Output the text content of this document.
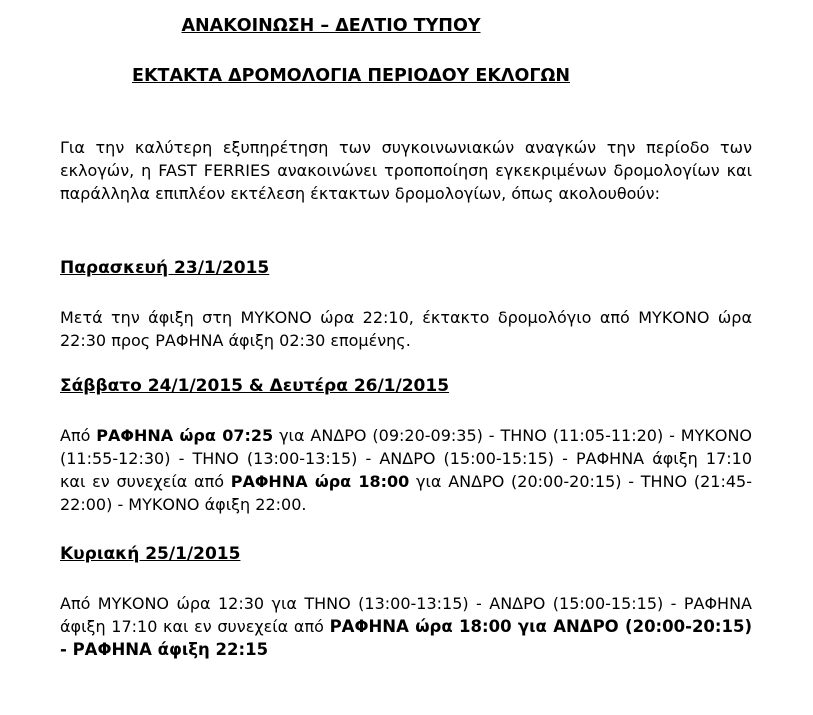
ΑΝΑΚΟΙΝΩΣΗ – ΔΕΛΤΙΟ ΤΥΠΟΥ
ΕΚΤΑΚΤΑ ΔΡΟΜΟΛΟΓΙΑ ΠΕΡΙΟΔΟΥ ΕΚΛΟΓΩΝ
Για την καλύτερη εξυπηρέτηση των συγκοινωνιακών αναγκών την περίοδο των εκλογών, η FAST FERRIES ανακοινώνει τροποποίηση εγκεκριμένων δρομολογίων και παράλληλα επιπλέον εκτέλεση έκτακτων δρομολογίων, όπως ακολουθούν:
Παρασκευή 23/1/2015
Μετά την άφιξη στη ΜΥΚΟΝΟ ώρα 22:10, έκτακτο δρομολόγιο από ΜΥΚΟΝΟ ώρα 22:30 προς ΡΑΦΗΝΑ άφιξη 02:30 επομένης.
Σάββατο 24/1/2015 & Δευτέρα 26/1/2015
Από ΡΑΦΗΝΑ ώρα 07:25 για ΑΝΔΡΟ (09:20-09:35) - ΤΗΝΟ (11:05-11:20) - ΜΥΚΟΝΟ (11:55-12:30) - ΤΗΝΟ (13:00-13:15) - ΑΝΔΡΟ (15:00-15:15) - ΡΑΦΗΝΑ άφιξη 17:10 και εν συνεχεία από ΡΑΦΗΝΑ ώρα 18:00 για ΑΝΔΡΟ (20:00-20:15) - ΤΗΝΟ (21:45-22:00) - ΜΥΚΟΝΟ άφιξη 22:00.
Κυριακή 25/1/2015
Από ΜΥΚΟΝΟ ώρα 12:30 για ΤΗΝΟ (13:00-13:15) - ΑΝΔΡΟ (15:00-15:15) - ΡΑΦΗΝΑ άφιξη 17:10 και εν συνεχεία από ΡΑΦΗΝΑ ώρα 18:00 για ΑΝΔΡΟ (20:00-20:15) - ΡΑΦΗΝΑ άφιξη 22:15
